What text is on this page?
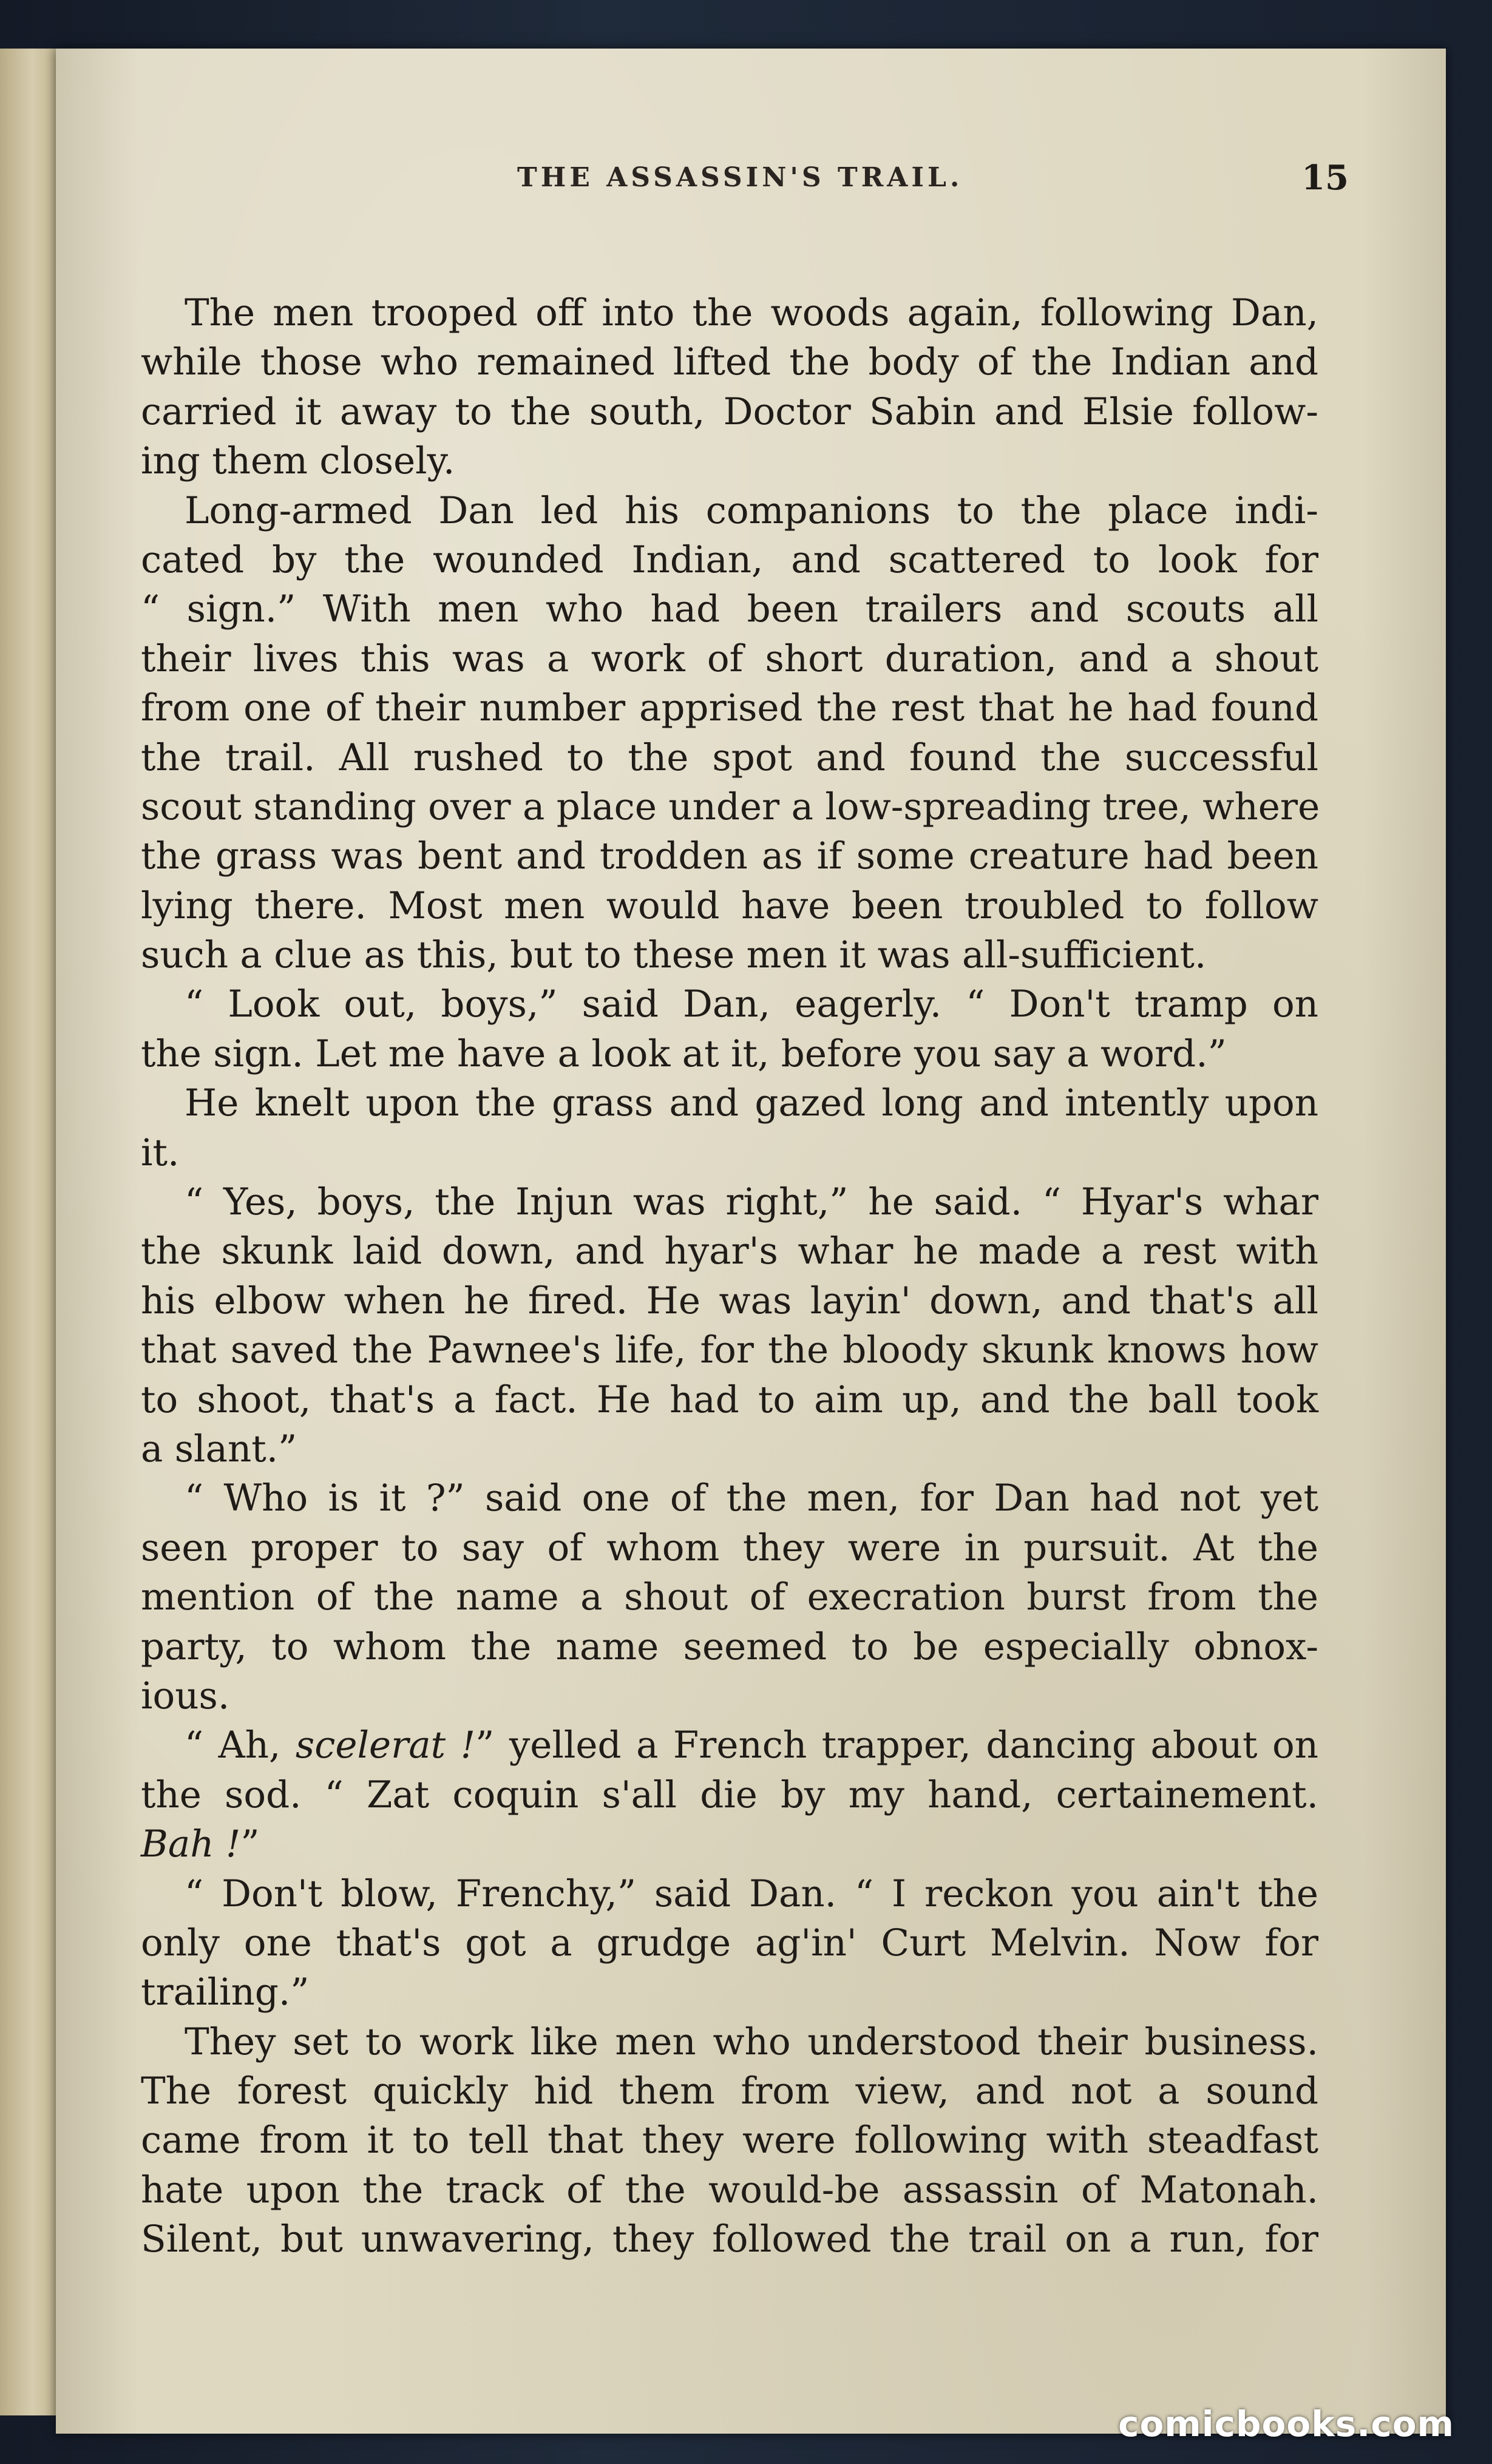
THE ASSASSIN'S TRAIL.	15
The men trooped off into the woods again, following Dan,
while those who remained lifted the body of the Indian and
carried it away to the south, Doctor Sabin and Elsie follow-
ing them closely.
Long-armed Dan led his companions to the place indi-
cated by the wounded Indian, and scattered to look for
“ sign.” With men who had been trailers and scouts all
their lives this was a work of short duration, and a shout
from one of their number apprised the rest that he had found
the trail. All rushed to the spot and found the successful
scout standing over a place under a low-spreading tree, where
the grass was bent and trodden as if some creature had been
lying there. Most men would have been troubled to follow
such a clue as this, but to these men it was all-sufficient.
“ Look out, boys,” said Dan, eagerly. “ Don't tramp on
the sign. Let me have a look at it, before you say a word.”
He knelt upon the grass and gazed long and intently upon
it.
“ Yes, boys, the Injun was right,” he said. “ Hyar's whar
the skunk laid down, and hyar's whar he made a rest with
his elbow when he fired. He was layin' down, and that's all
that saved the Pawnee's life, for the bloody skunk knows how
to shoot, that's a fact. He had to aim up, and the ball took
a slant.”
“ Who is it ?” said one of the men, for Dan had not yet
seen proper to say of whom they were in pursuit. At the
mention of the name a shout of execration burst from the
party, to whom the name seemed to be especially obnox-
ious.
“ Ah, scelerat !” yelled a French trapper, dancing about on
the sod. “ Zat coquin s'all die by my hand, certainement.
Bah !”
“ Don't blow, Frenchy,” said Dan. “ I reckon you ain't the
only one that's got a grudge ag'in' Curt Melvin. Now for
trailing.”
They set to work like men who understood their business.
The forest quickly hid them from view, and not a sound
came from it to tell that they were following with steadfast
hate upon the track of the would-be assassin of Matonah.
Silent, but unwavering, they followed the trail on a run, for
comicbooks.com
